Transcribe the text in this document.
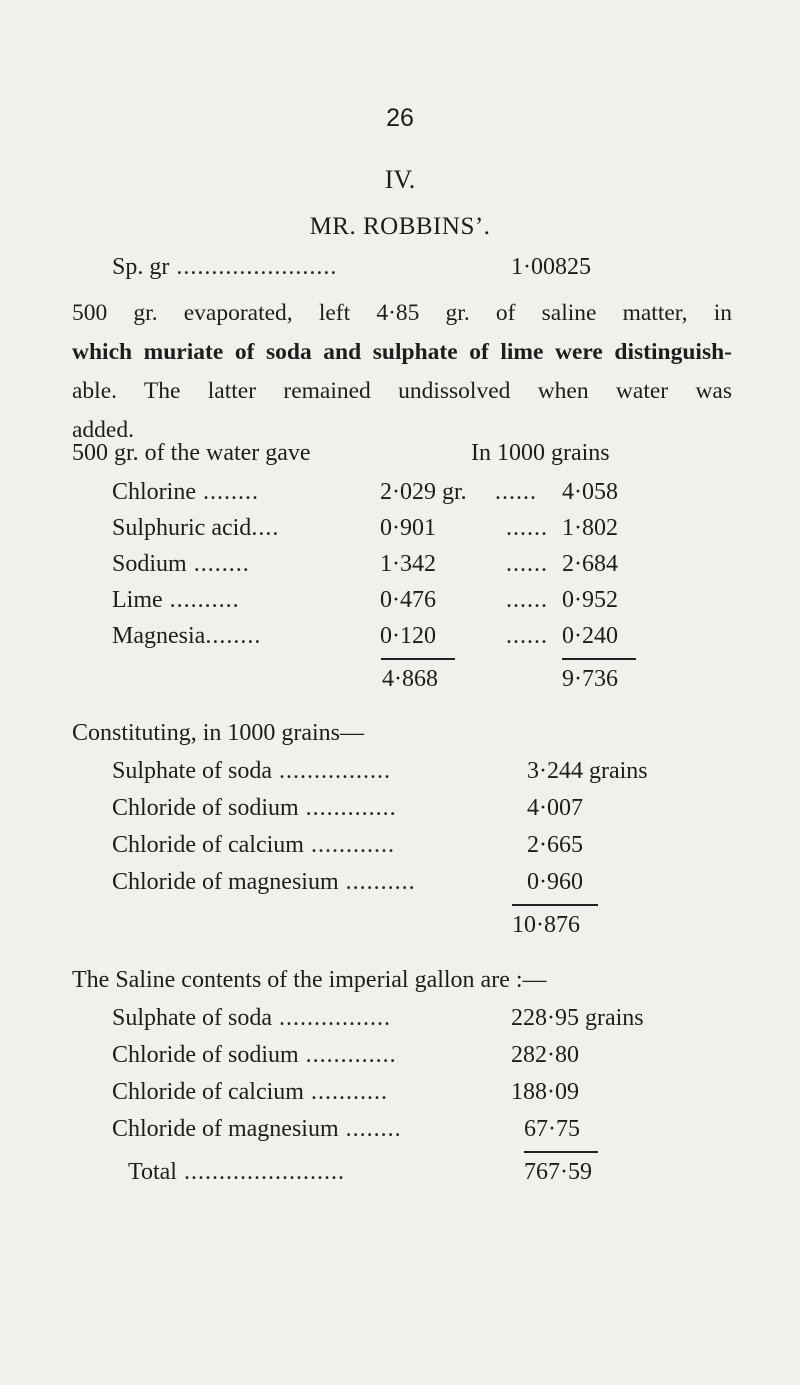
26
IV.
MR. ROBBINS’.
Sp. gr .......................	1·00825
500 gr. evaporated, left 4·85 gr. of saline matter, in
which muriate of soda and sulphate of lime were distinguish-
able. The latter remained undissolved when water was
added.
500 gr. of the water gave	In 1000 grains
Chlorine ........	2·029 gr. ...... 4·058
Sulphuric acid....	0·901	...... 1·802
Sodium ........	1·342	...... 2·684
Lime ..........	0·476	...... 0·952
Magnesia........	0·120	...... 0·240
4·868	9·736
Constituting, in 1000 grains—
Sulphate of soda ................	3·244 grains
Chloride of sodium .............	4·007
Chloride of calcium ............	2·665
Chloride of magnesium ..........	0·960
10·876
The Saline contents of the imperial gallon are :—
Sulphate of soda ................	228·95 grains
Chloride of sodium .............	282·80
Chloride of calcium ...........	188·09
Chloride of magnesium ........	67·75
Total .......................	767·59
